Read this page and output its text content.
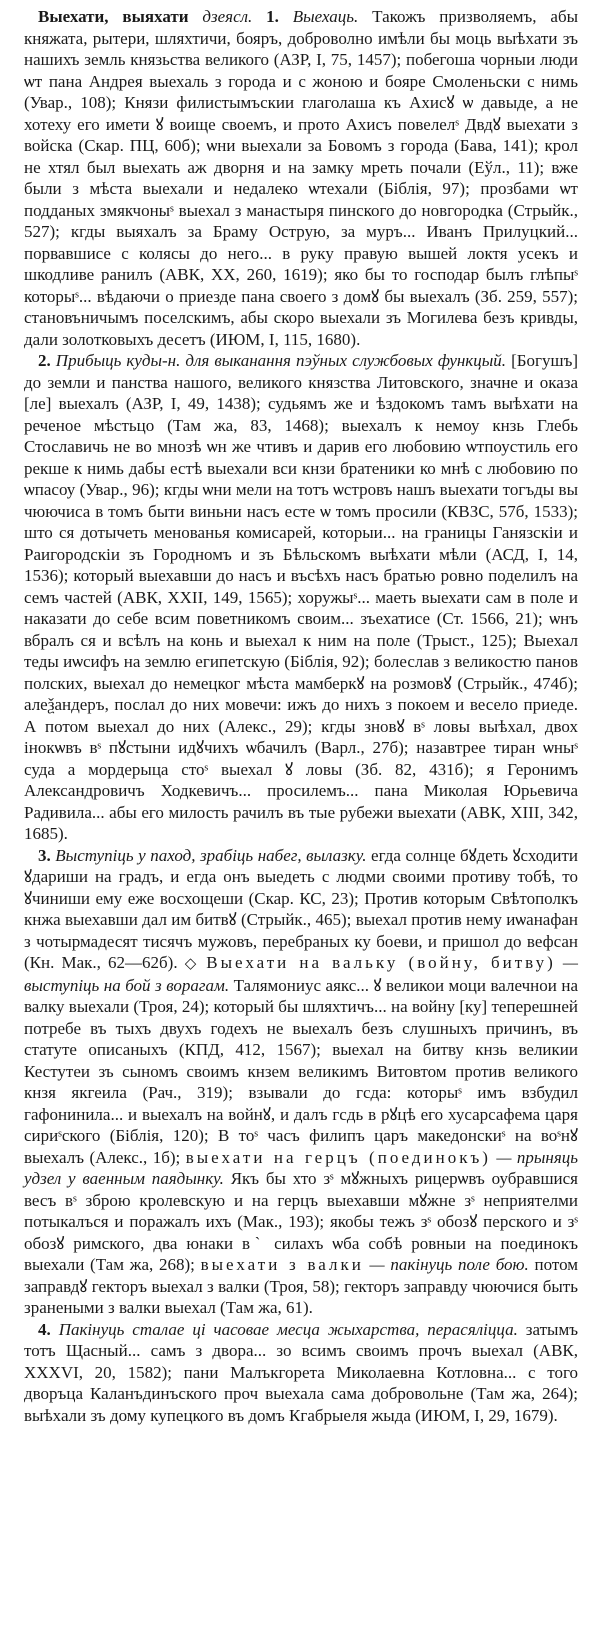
Выехати, выяхати дзеясл. 1. Выехаць. Такожъ призволяемъ, абы княжата, рытери, шляхтичи, бояръ, доброволно имѣли бы моць выѣхати зъ нашихъ земль князьства великого (АЗР, I, 75, 1457); побегоша чорныи люди ѡт пана Андрея выехаль з города и с жоною и бояре Смоленьски с нимь (Увар., 108); Князи филистымъскии глаголаша къ Ахисꙋ ѡ давыде, а не хотеху его имети ꙋ воище своемъ, и прото Ахисъ повелелˢ Двдꙋ выехати з войска (Скар. ПЦ, 60б); ѡни выехали за Бовомъ з города (Бава, 141); крол не хтял был выехать аж дворня и на замку мреть почали (Еўл., 11); вже были з мѣста выехали и недалеко ѡтехали (Біблія, 97); прозбами ѡт подданых змякчоныˢ выехал з манастыря пинского до новгородка (Стрыйк., 527); кгды выяхалъ за Браму Острую, за муръ... Иванъ Прилуцкий... порвавшисе с колясы до него... в руку правую вышей локтя усекъ и шкодливе ранилъ (АВК, XX, 260, 1619); яко бы то господар былъ глѣпыˢ которыˢ... вѣдаючи о приезде пана своего з домꙋ бы выехалъ (Зб. 259, 557); становъничымъ поселскимъ, абы скоро выехали зъ Могилева безъ кривды, дали золотковыхъ десетъ (ИЮМ, I, 115, 1680).

2. Прибыць куды-н. для выканання пэўных службовых функцый. [Богушъ] до земли и панства нашого, великого князства Литовского, значне и оказа [ле] выехалъ (АЗР, I, 49, 1438); судьямъ же и ѣздокомъ тамъ выѣхати на реченое мѣстьцо (Там жа, 83, 1468); выехалъ к немоу кнзь Глебь Стославичь не во мнозѣ ѡн же чтивъ и дарив его любовию ѡтпоустиль его рекше к нимь дабы естѣ выехали вси кнзи братеники ко мнѣ с любовию по ѡпасоу (Увар., 96); кгды ѡни мели на тотъ ѡстровъ нашъ выехати тогъды вы чюючиса в томъ быти виньни насъ есте ѡ томъ просили (КВЗС, 57б, 1533); што ся дотычеть менованья комисарей, которыи... на границы Ганязскіи и Раигородскіи зъ Городномъ и зъ Бѣльскомъ выѣхати мѣли (АСД, I, 14, 1536); который выехавши до насъ и въсѣхъ насъ братью ровно поделилъ на семъ частей (АВК, XXII, 149, 1565); хоружыˢ... маеть выехати сам в поле и наказати до себе всим поветникомъ своим... зъехатисе (Ст. 1566, 21); ѡнъ вбралъ ся и всѣлъ на конь и выехал к ним на поле (Трыст., 125); Выехал теды иѡсифъ на землю египетскую (Біблія, 92); болеслав з великостю панов полских, выехал до немецког мѣста мамберкꙋ на розмовꙋ (Стрыйк., 474б); алеѯандеръ, послал до них мовечи: ижъ до нихъ з покоем и весело приеде. А потом выехал до них (Алекс., 29); кгды зновꙋ вˢ ловы выѣхал, двох інокѡвъ вˢ пꙋстыни идꙋчихъ ѡбачилъ (Варл., 27б); назавтрее тиран ѡныˢ суда а мордерыца стоˢ выехал ꙋ ловы (Зб. 82, 431б); я Геронимъ Александровичъ Ходкевичъ... просилемъ... пана Миколая Юрьевича Радивила... абы его милость рачилъ въ тые рубежи выехати (АВК, XIII, 342, 1685).

3. Выступіць у паход, зрабіць набег, вылазку. егда солнце бꙋдеть ꙋсходити ꙋдариши на градъ, и егда онъ выедеть с людми своими противу тобѣ, то ꙋчиниши ему еже восхощеши (Скар. КС, 23); Против которым Свѣтополкъ кнжа выехавши дал им битвꙋ (Стрыйк., 465); выехал против нему иѡанафан з чотырмадесят тисячъ мужовъ, перебраных ку боеви, и пришол до вефсан (Кн. Мак., 62—62б). ◇ Выехати на вальку (войну, битву) — выступіць на бой з ворагам. Талямониус аякс... ꙋ великои моци валечнои на валку выехали (Троя, 24); который бы шляхтичъ... на войну [ку] теперешней потребе въ тыхъ двухъ годехъ не выехалъ безъ слушныхъ причинъ, въ статуте описаныхъ (КПД, 412, 1567); выехал на битву кнзь великии Кестутеи зъ сыномъ своимъ кнзем великимъ Витовтом против великого кнзя якгеила (Рач., 319); взывали до гсда: которыˢ имъ взбудил гафонинила... и выехалъ на войнꙋ, и далъ гсдь в рꙋцѣ его хусарсафема царя сириˢского (Біблія, 120); В тоˢ часъ филипъ царъ македонскиˢ на воˢнꙋ выехалъ (Алекс., 1б); выехати на герцъ (поединокъ) — прыняць удзел у ваенным паядынку. Якъ бы хто зˢ мꙋжныхъ рицерѡвъ оубравшися весъ вˢ зброю кролевскую и на герцъ выехавши мꙋжне зˢ неприятелми потыкалъся и поражалъ ихъ (Мак., 193); якобы тежъ зˢ обозꙋ перского и зˢ обозꙋ римского, два юнаки вˋ силахъ ѡба собѣ ровныи на поединокъ выехали (Там жа, 268); выехати з валки — пакінуць поле бою. потом заправдꙋ гекторъ выехал з валки (Троя, 58); гекторъ заправду чюючися быть зранеными з валки выехал (Там жа, 61).

4. Пакінуць сталае ці часовае месца жыхарства, перасяліцца. затымъ тотъ Щасный... самъ з двора... зо всимъ своимъ прочъ выехал (АВК, XXXVI, 20, 1582); пани Малъкгорета Миколаевна Котловна... с того дворъца Каланъдинъского проч выехала сама добровольне (Там жа, 264); выѣхали зъ дому купецкого въ домъ Кгабрыеля жыда (ИЮМ, I, 29, 1679).
